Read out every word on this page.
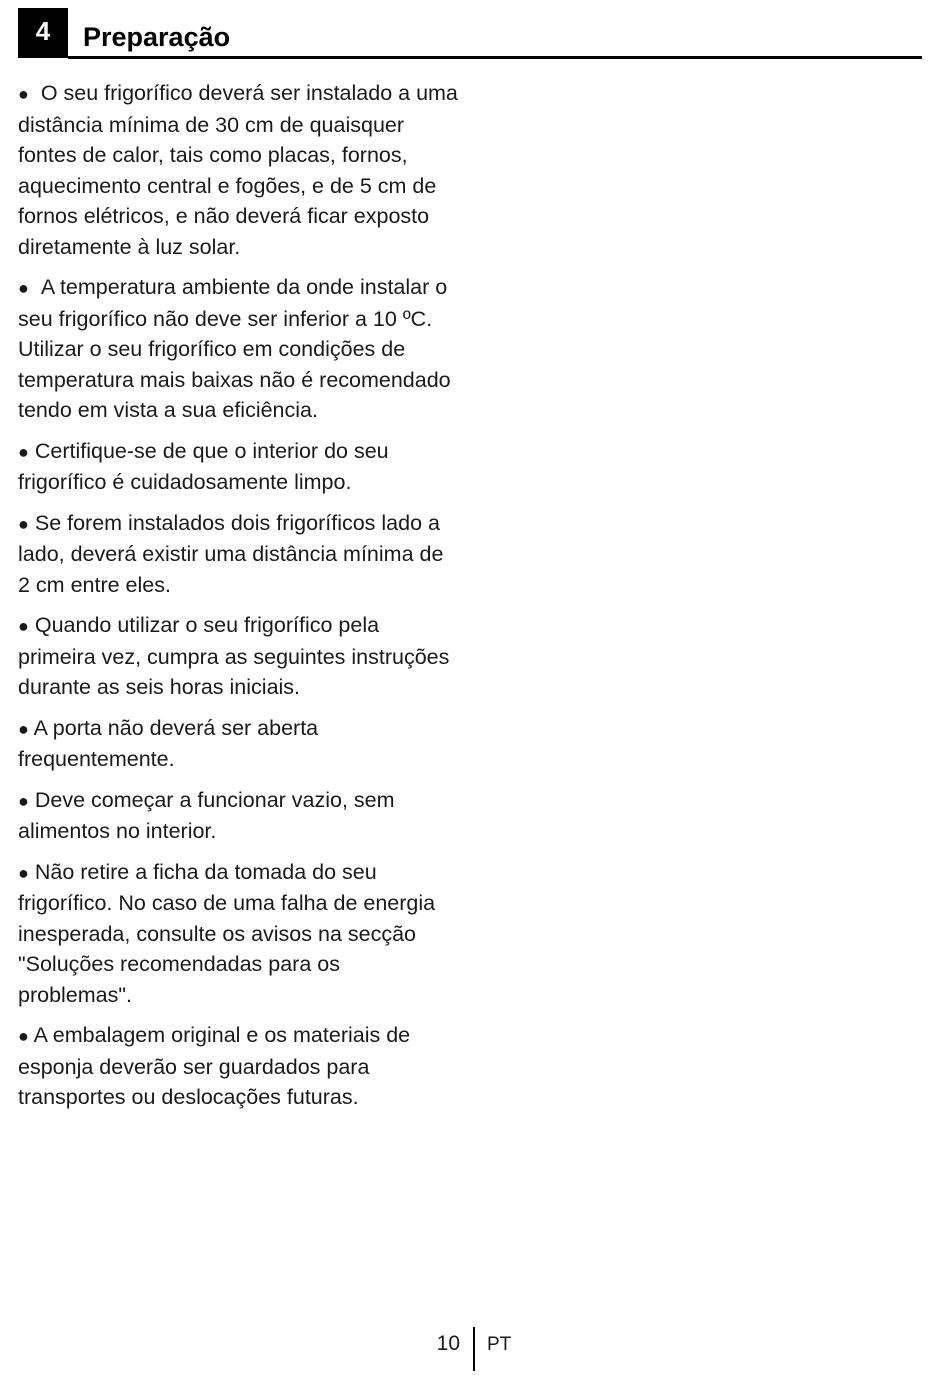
4	Preparação

● O seu frigorífico deverá ser instalado a uma distância mínima de 30 cm de quaisquer fontes de calor, tais como placas, fornos, aquecimento central e fogões, e de 5 cm de fornos elétricos, e não deverá ficar exposto diretamente à luz solar.

● A temperatura ambiente da onde instalar o seu frigorífico não deve ser inferior a 10 ºC. Utilizar o seu frigorífico em condições de temperatura mais baixas não é recomendado tendo em vista a sua eficiência.

● Certifique-se de que o interior do seu frigorífico é cuidadosamente limpo.

● Se forem instalados dois frigoríficos lado a lado, deverá existir uma distância mínima de 2 cm entre eles.

● Quando utilizar o seu frigorífico pela primeira vez, cumpra as seguintes instruções durante as seis horas iniciais.

● A porta não deverá ser aberta frequentemente.

● Deve começar a funcionar vazio, sem alimentos no interior.

● Não retire a ficha da tomada do seu frigorífico. No caso de uma falha de energia inesperada, consulte os avisos na secção "Soluções recomendadas para os problemas".

● A embalagem original e os materiais de esponja deverão ser guardados para transportes ou deslocações futuras.

10 PT
